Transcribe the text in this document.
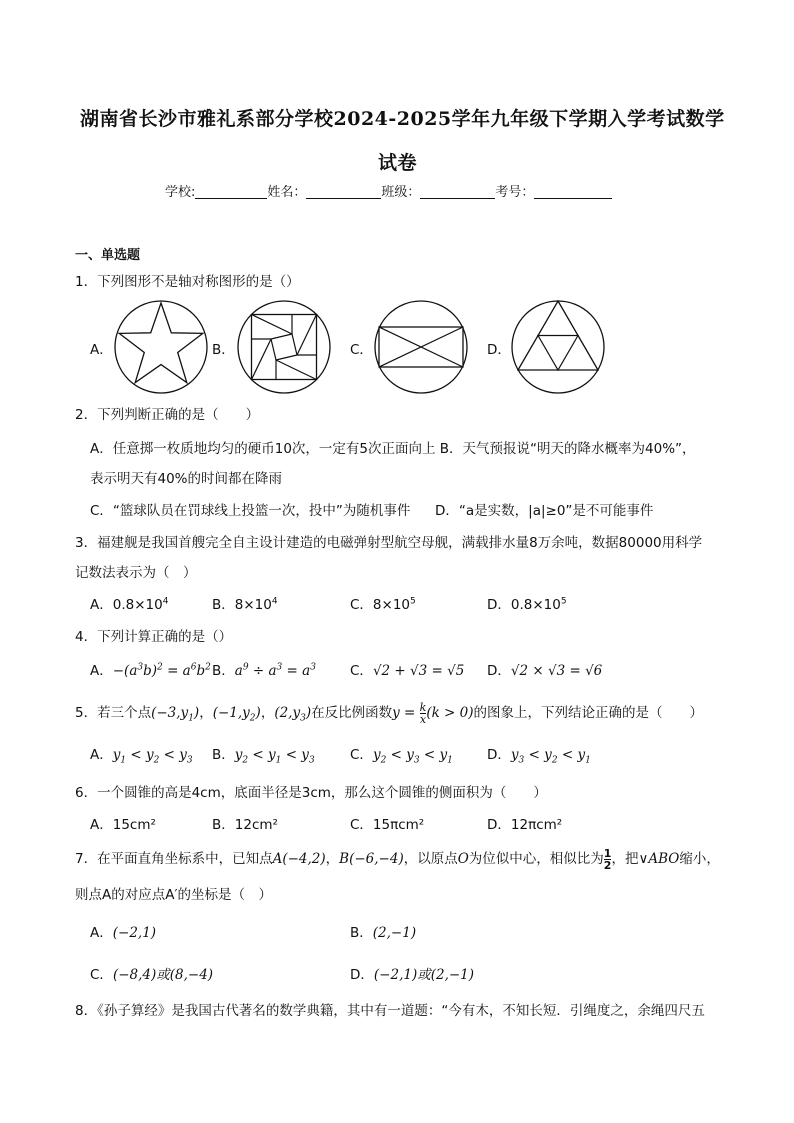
湖南省长沙市雅礼系部分学校2024-2025学年九年级下学期入学考试数学
试卷
学校:	姓名：	班级：	考号：
一、单选题
1．下列图形不是轴对称图形的是（）
A．	B．	C．	D．
2．下列判断正确的是（　　）
A．任意掷一枚质地均匀的硬币10次，一定有5次正面向上 B．天气预报说“明天的降水概率为40%”，
表示明天有40%的时间都在降雨
C．“篮球队员在罚球线上投篮一次，投中”为随机事件 D．“a是实数，|a|≥0”是不可能事件
3．福建舰是我国首艘完全自主设计建造的电磁弹射型航空母舰，满载排水量8万余吨，数据80000用科学
记数法表示为（　）
A．$0.8\times 10^4$	B．$8\times 10^4$	C．$8\times 10^5$	D．$0.8\times 10^5$
4．下列计算正确的是（）
A．$-(a^3b)^2 = a^6b^2$ B．$a^9 \div a^3 = a^3$	C．√2 + √3 = √5 D．√2 × √3 = √6
5．若三个点$(-3,y_1)$，$(-1,y_2)$，$(2,y_3)$在反比例函数$y = \frac{k}{x} (k > 0)$的图象上，下列结论正确的是（　　）
A．$y_1 < y_2 < y_3$ B．$y_2 < y_1 < y_3$	C．$y_2 < y_3 < y_1$	D．$y_3 < y_2 < y_1$
6．一个圆锥的高是4cm，底面半径是3cm，那么这个圆锥的侧面积为（　　）
A．15cm²	B．12cm²	C．15πcm²	D．12πcm²
7．在平面直角坐标系中，已知点A(−4,2)，B(−6,−4)，以原点O为位似中心，相似比为 $\frac{1}{2}$ ，把∨ABO缩小，
则点A的对应点A′的坐标是（　）
A．(−2,1)	B．(2,−1)
C．(−8,4)或(8,−4)	D．(−2,1)或(2,−1)
8．《孙子算经》是我国古代著名的数学典籍，其中有一道题：“今有木，不知长短．引绳度之，余绳四尺五
